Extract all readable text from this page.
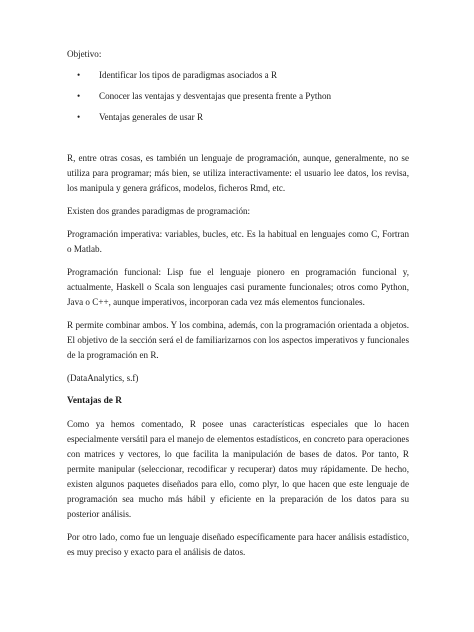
Objetivo:

• Identificar los tipos de paradigmas asociados a R
• Conocer las ventajas y desventajas que presenta frente a Python
• Ventajas generales de usar R

R, entre otras cosas, es también un lenguaje de programación, aunque, generalmente, no se utiliza para programar; más bien, se utiliza interactivamente: el usuario lee datos, los revisa, los manipula y genera gráficos, modelos, ficheros Rmd, etc.

Existen dos grandes paradigmas de programación:

Programación imperativa: variables, bucles, etc. Es la habitual en lenguajes como C, Fortran o Matlab.

Programación funcional: Lisp fue el lenguaje pionero en programación funcional y, actualmente, Haskell o Scala son lenguajes casi puramente funcionales; otros como Python, Java o C++, aunque imperativos, incorporan cada vez más elementos funcionales.

R permite combinar ambos. Y los combina, además, con la programación orientada a objetos. El objetivo de la sección será el de familiarizarnos con los aspectos imperativos y funcionales de la programación en R.

(DataAnalytics, s.f)

Ventajas de R

Como ya hemos comentado, R posee unas características especiales que lo hacen especialmente versátil para el manejo de elementos estadísticos, en concreto para operaciones con matrices y vectores, lo que facilita la manipulación de bases de datos. Por tanto, R permite manipular (seleccionar, recodificar y recuperar) datos muy rápidamente. De hecho, existen algunos paquetes diseñados para ello, como plyr, lo que hacen que este lenguaje de programación sea mucho más hábil y eficiente en la preparación de los datos para su posterior análisis.

Por otro lado, como fue un lenguaje diseñado específicamente para hacer análisis estadístico, es muy preciso y exacto para el análisis de datos.
